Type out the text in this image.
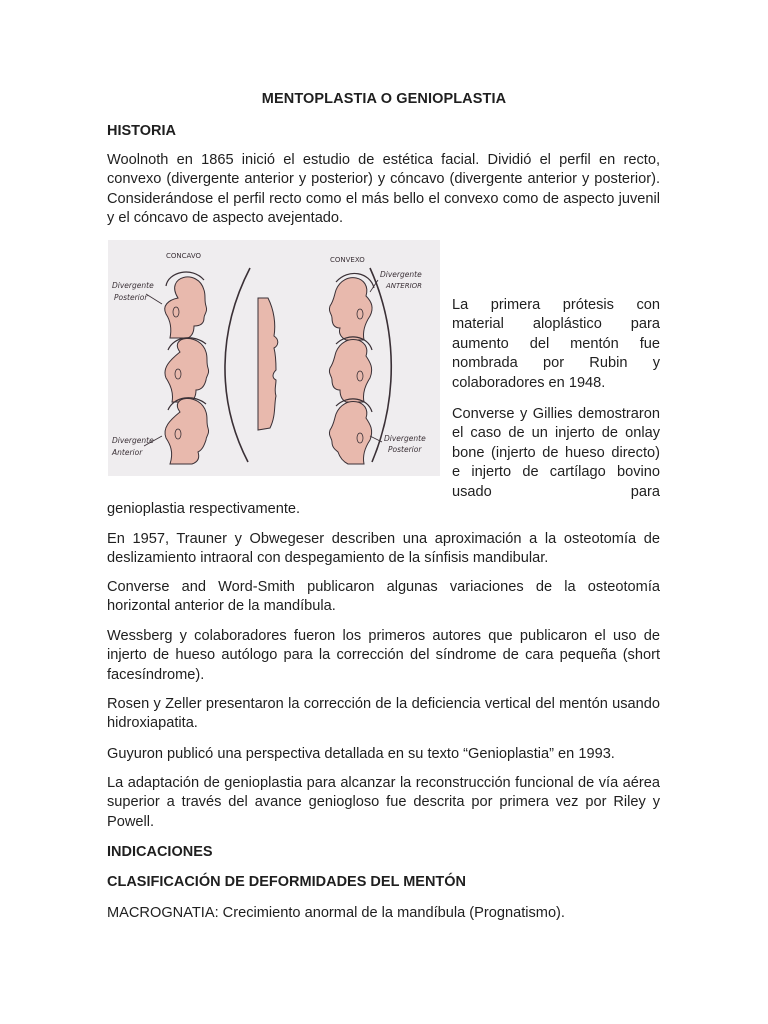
MENTOPLASTIA O GENIOPLASTIA
HISTORIA

Woolnoth en 1865 inició el estudio de estética facial. Dividió el perfil en recto, convexo (divergente anterior y posterior) y cóncavo (divergente anterior y posterior). Considerándose el perfil recto como el más bello el convexo como de aspecto juvenil y el cóncavo de aspecto avejentado.

CONCAVO	CONVEXO
Divergente
Posterior
Divergente
Anterior
Divergente
ANTERIOR
Divergente
Posterior

La primera prótesis con material aloplástico para aumento del mentón fue nombrada por Rubin y colaboradores en 1948.

Converse y Gillies demostraron el caso de un injerto de onlay bone (injerto de hueso directo) e injerto de cartílago bovino usado para

genioplastia respectivamente.

En 1957, Trauner y Obwegeser describen una aproximación a la osteotomía de deslizamiento intraoral con despegamiento de la sínfisis mandibular.

Converse and Word-Smith publicaron algunas variaciones de la osteotomía horizontal anterior de la mandíbula.

Wessberg y colaboradores fueron los primeros autores que publicaron el uso de injerto de hueso autólogo para la corrección del síndrome de cara pequeña (short facesíndrome).

Rosen y Zeller presentaron la corrección de la deficiencia vertical del mentón usando hidroxiapatita.

Guyuron publicó una perspectiva detallada en su texto “Genioplastia” en 1993.

La adaptación de genioplastia para alcanzar la reconstrucción funcional de vía aérea superior a través del avance geniogloso fue descrita por primera vez por Riley y Powell.

INDICACIONES
CLASIFICACIÓN DE DEFORMIDADES DEL MENTÓN

MACROGNATIA: Crecimiento anormal de la mandíbula (Prognatismo).
